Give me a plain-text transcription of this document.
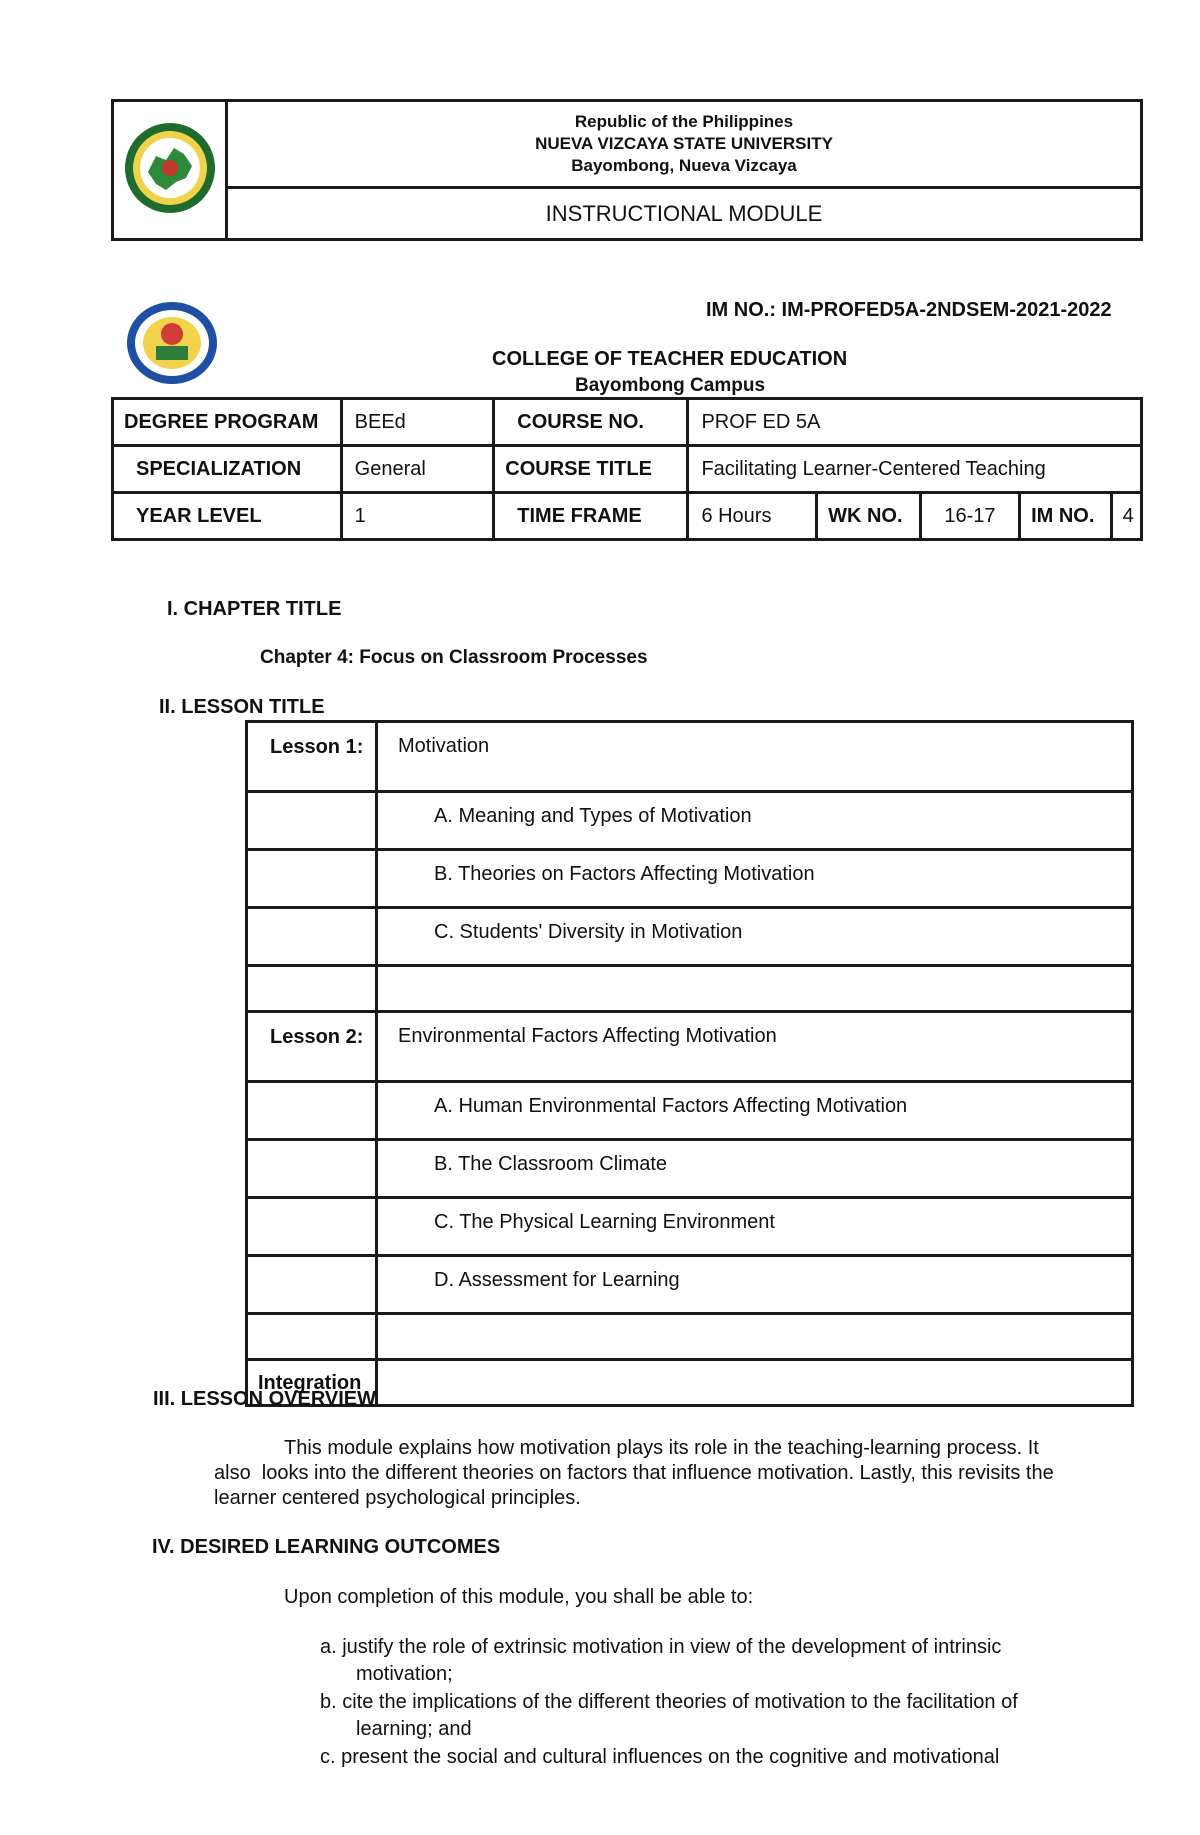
Republic of the Philippines
NUEVA VIZCAYA STATE UNIVERSITY
Bayombong, Nueva Vizcaya

INSTRUCTIONAL MODULE
IM NO.: IM-PROFED5A-2NDSEM-2021-2022
COLLEGE OF TEACHER EDUCATION
Bayombong Campus
DEGREE PROGRAM	BEEd	COURSE NO.	PROF ED 5A				
SPECIALIZATION	General	COURSE TITLE	Facilitating Learner-Centered Teaching				
YEAR LEVEL	1	TIME FRAME	6 Hours	WK NO.	16-17	IM NO.	4
I. CHAPTER TITLE
Chapter 4: Focus on Classroom Processes
II. LESSON TITLE
Lesson 1:	Motivation
	A. Meaning and Types of Motivation
	B. Theories on Factors Affecting Motivation
	C. Students' Diversity in Motivation

Lesson 2:	Environmental Factors Affecting Motivation
	A. Human Environmental Factors Affecting Motivation
	B. The Classroom Climate
	C. The Physical Learning Environment
	D. Assessment for Learning

Integration	
III. LESSON OVERVIEW
This module explains how motivation plays its role in the teaching-learning process. It
also  looks into the different theories on factors that influence motivation. Lastly, this revisits the
learner centered psychological principles.
IV. DESIRED LEARNING OUTCOMES
Upon completion of this module, you shall be able to:
a. justify the role of extrinsic motivation in view of the development of intrinsic
motivation;
b. cite the implications of the different theories of motivation to the facilitation of
learning; and
c. present the social and cultural influences on the cognitive and motivational
